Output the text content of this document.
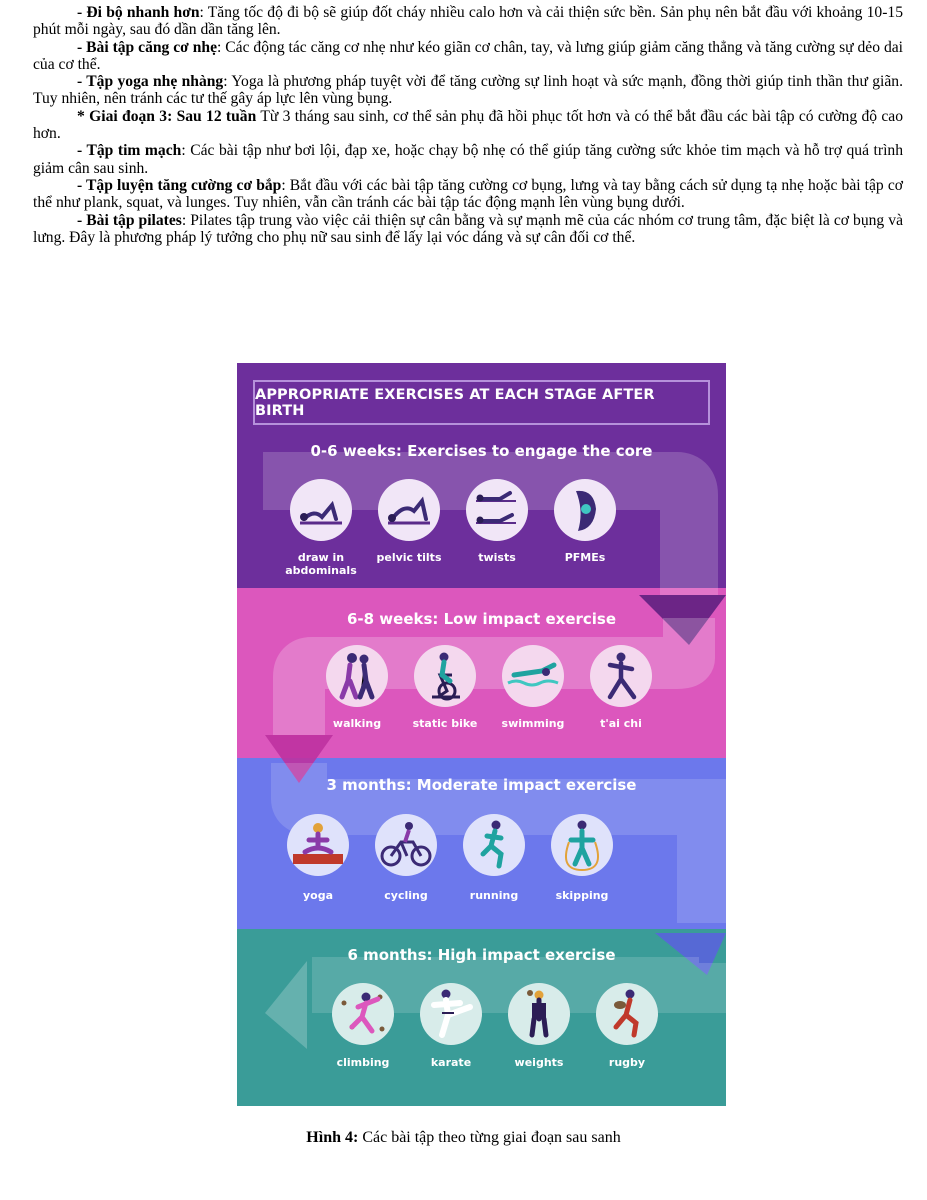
- Đi bộ nhanh hơn: Tăng tốc độ đi bộ sẽ giúp đốt cháy nhiều calo hơn và cải thiện sức bền. Sản phụ nên bắt đầu với khoảng 10-15 phút mỗi ngày, sau đó dần dần tăng lên.

- Bài tập căng cơ nhẹ: Các động tác căng cơ nhẹ như kéo giãn cơ chân, tay, và lưng giúp giảm căng thẳng và tăng cường sự dẻo dai của cơ thể.

- Tập yoga nhẹ nhàng: Yoga là phương pháp tuyệt vời để tăng cường sự linh hoạt và sức mạnh, đồng thời giúp tinh thần thư giãn. Tuy nhiên, nên tránh các tư thế gây áp lực lên vùng bụng.

* Giai đoạn 3: Sau 12 tuần Từ 3 tháng sau sinh, cơ thể sản phụ đã hồi phục tốt hơn và có thể bắt đầu các bài tập có cường độ cao hơn.

- Tập tim mạch: Các bài tập như bơi lội, đạp xe, hoặc chạy bộ nhẹ có thể giúp tăng cường sức khỏe tim mạch và hỗ trợ quá trình giảm cân sau sinh.

- Tập luyện tăng cường cơ bắp: Bắt đầu với các bài tập tăng cường cơ bụng, lưng và tay bằng cách sử dụng tạ nhẹ hoặc bài tập cơ thể như plank, squat, và lunges. Tuy nhiên, vẫn cần tránh các bài tập tác động mạnh lên vùng bụng dưới.

- Bài tập pilates: Pilates tập trung vào việc cải thiện sự cân bằng và sự mạnh mẽ của các nhóm cơ trung tâm, đặc biệt là cơ bụng và lưng. Đây là phương pháp lý tưởng cho phụ nữ sau sinh để lấy lại vóc dáng và sự cân đối cơ thể.

APPROPRIATE EXERCISES AT EACH STAGE AFTER BIRTH
0-6 weeks: Exercises to engage the core
draw in abdominals
pelvic tilts	twists	PFMEs
6-8 weeks: Low impact exercise
walking	static bike	swimming	t'ai chi
3 months: Moderate impact exercise
yoga	cycling	running	skipping
6 months: High impact exercise
climbing	karate	weights	rugby
Hình 4: Các bài tập theo từng giai đoạn sau sanh
